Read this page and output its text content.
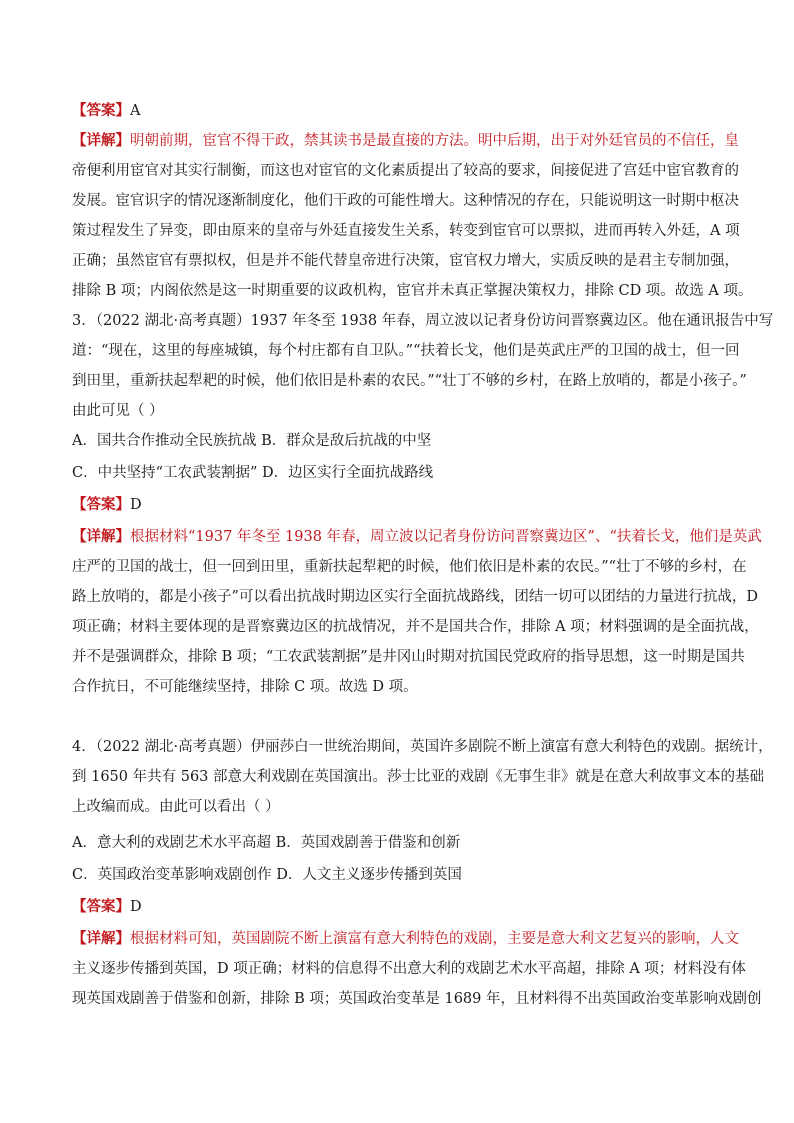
【答案】A
【详解】明朝前期，宦官不得干政，禁其读书是最直接的方法。明中后期，出于对外廷官员的不信任，皇
帝便利用宦官对其实行制衡，而这也对宦官的文化素质提出了较高的要求，间接促进了宫廷中宦官教育的
发展。宦官识字的情况逐渐制度化，他们干政的可能性增大。这种情况的存在，只能说明这一时期中枢决
策过程发生了异变，即由原来的皇帝与外廷直接发生关系，转变到宦官可以票拟，进而再转入外廷，A 项
正确；虽然宦官有票拟权，但是并不能代替皇帝进行决策，宦官权力增大，实质反映的是君主专制加强，
排除 B 项；内阁依然是这一时期重要的议政机构，宦官并未真正掌握决策权力，排除 CD 项。故选 A 项。
3．（2022 湖北·高考真题）1937 年冬至 1938 年春，周立波以记者身份访问晋察冀边区。他在通讯报告中写
道：“现在，这里的每座城镇，每个村庄都有自卫队。”“扶着长戈，他们是英武庄严的卫国的战士，但一回
到田里，重新扶起犁耙的时候，他们依旧是朴素的农民。”“壮丁不够的乡村，在路上放哨的，都是小孩子。”
由此可见（ ）
A．国共合作推动全民族抗战 B．群众是敌后抗战的中坚
C．中共坚持“工农武装割据” D．边区实行全面抗战路线
【答案】D
【详解】根据材料“1937 年冬至 1938 年春，周立波以记者身份访问晋察冀边区”、“扶着长戈，他们是英武
庄严的卫国的战士，但一回到田里，重新扶起犁耙的时候，他们依旧是朴素的农民。”“壮丁不够的乡村，在
路上放哨的，都是小孩子”可以看出抗战时期边区实行全面抗战路线，团结一切可以团结的力量进行抗战，D
项正确；材料主要体现的是晋察冀边区的抗战情况，并不是国共合作，排除 A 项；材料强调的是全面抗战，
并不是强调群众，排除 B 项；“工农武装割据”是井冈山时期对抗国民党政府的指导思想，这一时期是国共
合作抗日，不可能继续坚持，排除 C 项。故选 D 项。
4．（2022 湖北·高考真题）伊丽莎白一世统治期间，英国许多剧院不断上演富有意大利特色的戏剧。据统计，
到 1650 年共有 563 部意大利戏剧在英国演出。莎士比亚的戏剧《无事生非》就是在意大利故事文本的基础
上改编而成。由此可以看出（ ）
A．意大利的戏剧艺术水平高超 B．英国戏剧善于借鉴和创新
C．英国政治变革影响戏剧创作 D．人文主义逐步传播到英国
【答案】D
【详解】根据材料可知，英国剧院不断上演富有意大利特色的戏剧，主要是意大利文艺复兴的影响，人文
主义逐步传播到英国，D 项正确；材料的信息得不出意大利的戏剧艺术水平高超，排除 A 项；材料没有体
现英国戏剧善于借鉴和创新，排除 B 项；英国政治变革是 1689 年，且材料得不出英国政治变革影响戏剧创
